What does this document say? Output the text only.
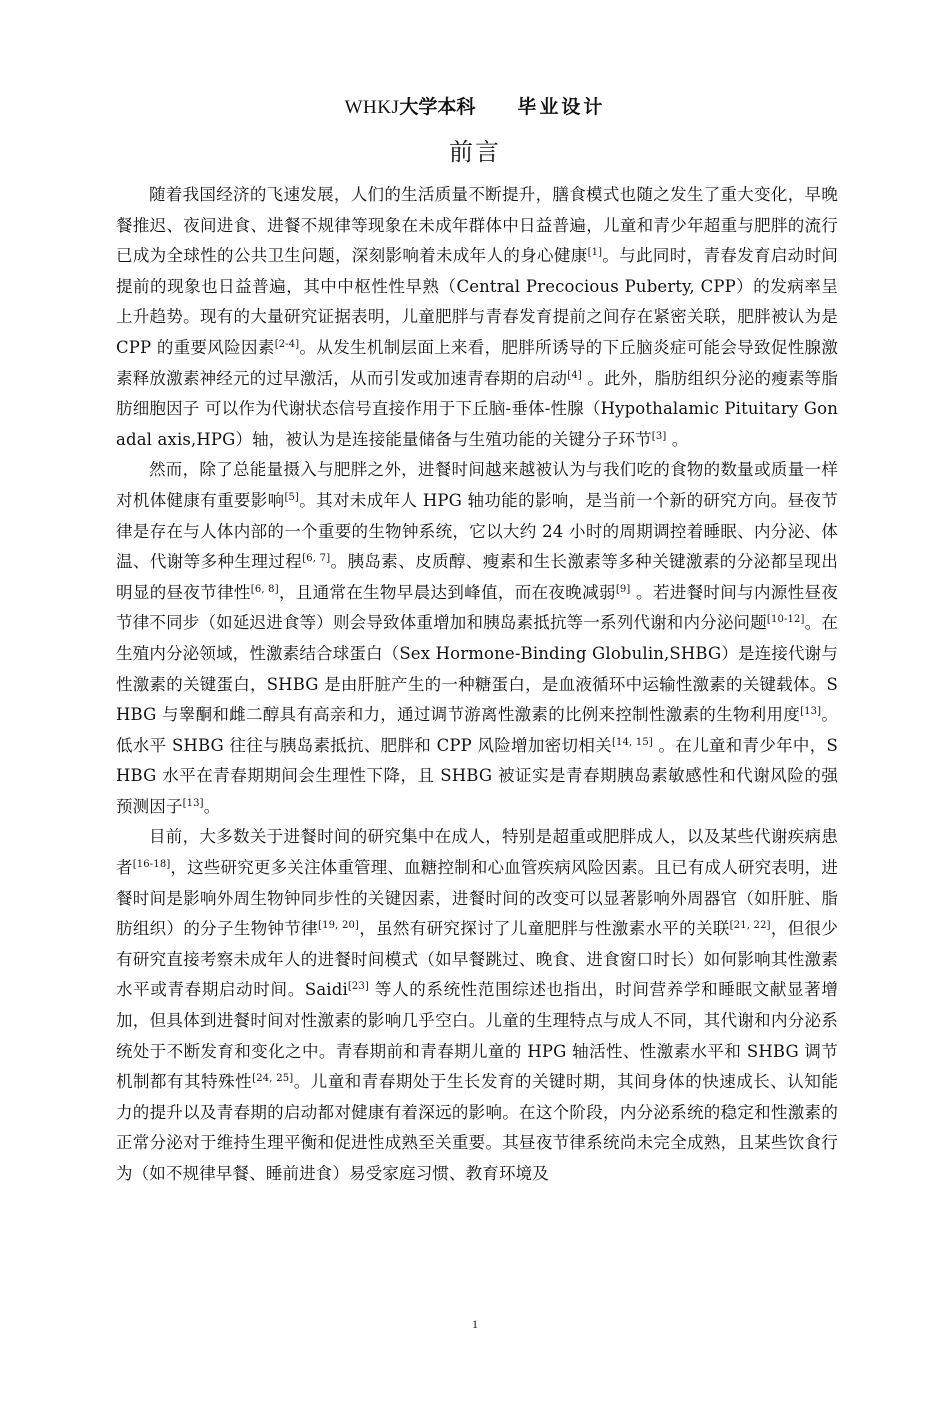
WHKJ大学本科 毕业设计
前言

随着我国经济的飞速发展，人们的生活质量不断提升，膳食模式也随之发生了重大变化，早晚餐推迟、夜间进食、进餐不规律等现象在未成年群体中日益普遍，儿童和青少年超重与肥胖的流行已成为全球性的公共卫生问题，深刻影响着未成年人的身心健康[1]。与此同时，青春发育启动时间提前的现象也日益普遍，其中中枢性性早熟（Central Precocious Puberty, CPP）的发病率呈上升趋势。现有的大量研究证据表明，儿童肥胖与青春发育提前之间存在紧密关联，肥胖被认为是 CPP 的重要风险因素[2-4]。从发生机制层面上来看，肥胖所诱导的下丘脑炎症可能会导致促性腺激素释放激素神经元的过早激活，从而引发或加速青春期的启动[4] 。此外，脂肪组织分泌的瘦素等脂肪细胞因子 可以作为代谢状态信号直接作用于下丘脑-垂体-性腺（Hypothalamic Pituitary Gonadal axis,HPG）轴，被认为是连接能量储备与生殖功能的关键分子环节[3] 。

然而，除了总能量摄入与肥胖之外，进餐时间越来越被认为与我们吃的食物的数量或质量一样对机体健康有重要影响[5]。其对未成年人 HPG 轴功能的影响，是当前一个新的研究方向。昼夜节律是存在与人体内部的一个重要的生物钟系统，它以大约 24 小时的周期调控着睡眠、内分泌、体温、代谢等多种生理过程[6, 7]。胰岛素、皮质醇、瘦素和生长激素等多种关键激素的分泌都呈现出明显的昼夜节律性[6, 8]，且通常在生物早晨达到峰值，而在夜晚减弱[9] 。若进餐时间与内源性昼夜节律不同步（如延迟进食等）则会导致体重增加和胰岛素抵抗等一系列代谢和内分泌问题[10-12]。在生殖内分泌领域，性激素结合球蛋白（Sex Hormone-Binding Globulin,SHBG）是连接代谢与性激素的关键蛋白，SHBG 是由肝脏产生的一种糖蛋白，是血液循环中运输性激素的关键载体。SHBG 与睾酮和雌二醇具有高亲和力，通过调节游离性激素的比例来控制性激素的生物利用度[13]。低水平 SHBG 往往与胰岛素抵抗、肥胖和 CPP 风险增加密切相关[14, 15] 。在儿童和青少年中，SHBG 水平在青春期期间会生理性下降，且 SHBG 被证实是青春期胰岛素敏感性和代谢风险的强预测因子[13]。

目前，大多数关于进餐时间的研究集中在成人，特别是超重或肥胖成人，以及某些代谢疾病患者[16-18]，这些研究更多关注体重管理、血糖控制和心血管疾病风险因素。且已有成人研究表明，进餐时间是影响外周生物钟同步性的关键因素，进餐时间的改变可以显著影响外周器官（如肝脏、脂肪组织）的分子生物钟节律[19, 20]，虽然有研究探讨了儿童肥胖与性激素水平的关联[21, 22]，但很少有研究直接考察未成年人的进餐时间模式（如早餐跳过、晚食、进食窗口时长）如何影响其性激素水平或青春期启动时间。Saidi[23] 等人的系统性范围综述也指出，时间营养学和睡眠文献显著增加，但具体到进餐时间对性激素的影响几乎空白。儿童的生理特点与成人不同，其代谢和内分泌系统处于不断发育和变化之中。青春期前和青春期儿童的 HPG 轴活性、性激素水平和 SHBG 调节机制都有其特殊性[24, 25]。儿童和青春期处于生长发育的关键时期，其间身体的快速成长、认知能力的提升以及青春期的启动都对健康有着深远的影响。在这个阶段，内分泌系统的稳定和性激素的正常分泌对于维持生理平衡和促进性成熟至关重要。其昼夜节律系统尚未完全成熟，且某些饮食行为（如不规律早餐、睡前进食）易受家庭习惯、教育环境及

1
